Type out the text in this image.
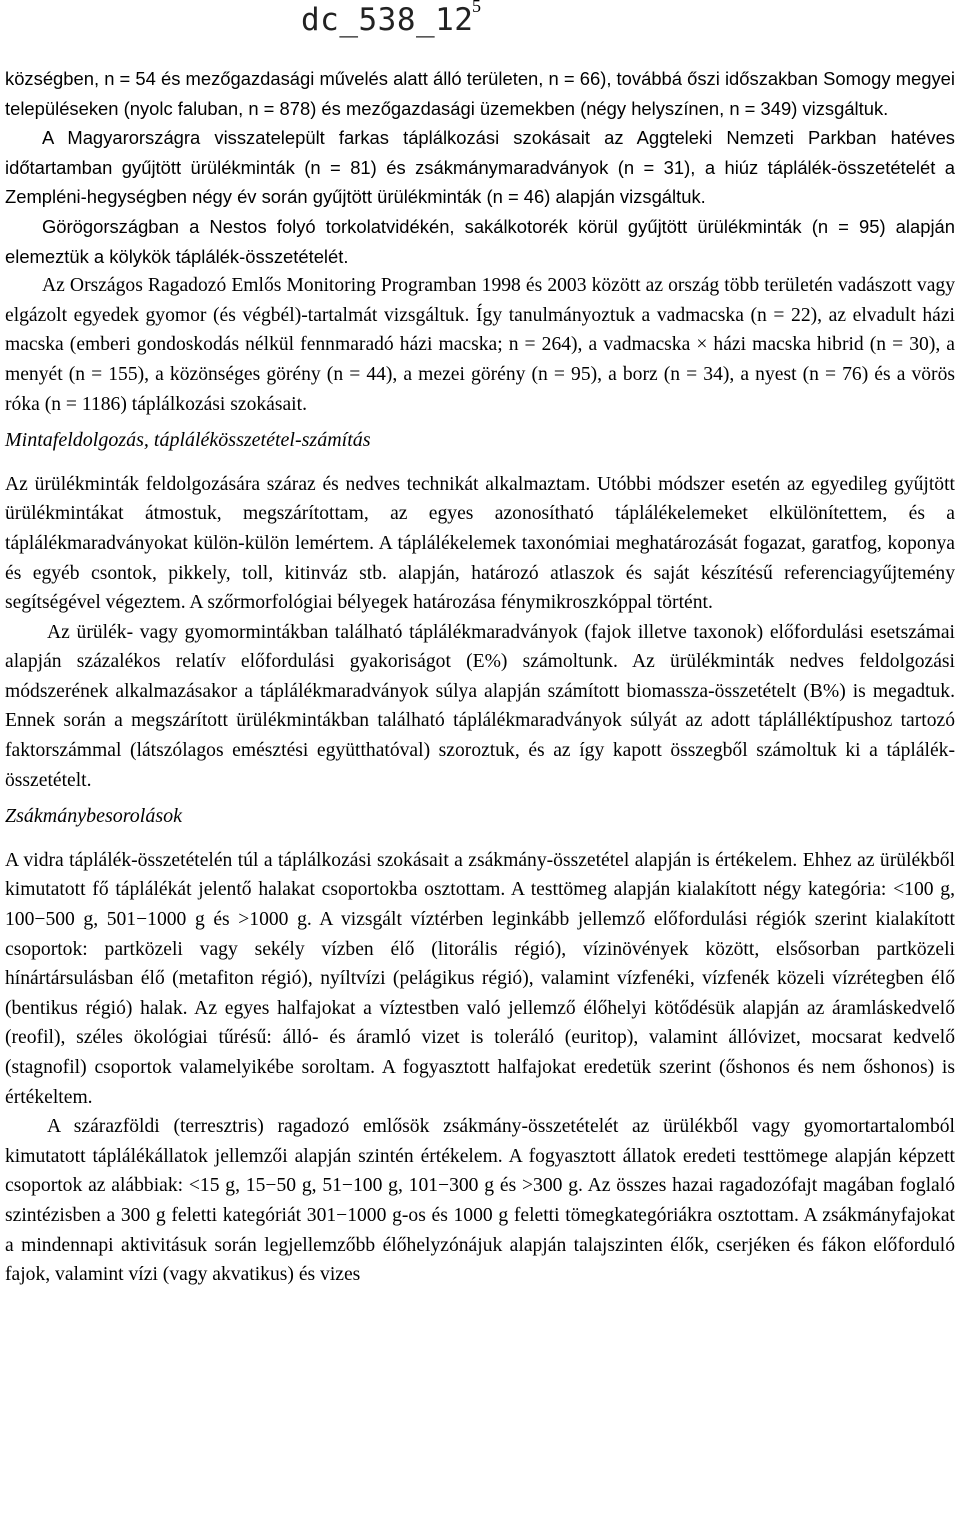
dc_538_12
5

községben, n = 54 és mezőgazdasági művelés alatt álló területen, n = 66), továbbá őszi időszakban Somogy megyei településeken (nyolc faluban, n = 878) és mezőgazdasági üzemekben (négy helyszínen, n = 349) vizsgáltuk.

A Magyarországra visszatelepült farkas táplálkozási szokásait az Aggteleki Nemzeti Parkban hatéves időtartamban gyűjtött ürülékminták (n = 81) és zsákmánymaradványok (n = 31), a hiúz táplálék-összetételét a Zempléni-hegységben négy év során gyűjtött ürülékminták (n = 46) alapján vizsgáltuk.

Görögországban a Nestos folyó torkolatvidékén, sakálkotorék körül gyűjtött ürülékminták (n = 95) alapján elemeztük a kölykök táplálék-összetételét.

Az Országos Ragadozó Emlős Monitoring Programban 1998 és 2003 között az ország több területén vadászott vagy elgázolt egyedek gyomor (és végbél)-tartalmát vizsgáltuk. Így tanulmányoztuk a vadmacska (n = 22), az elvadult házi macska (emberi gondoskodás nélkül fennmaradó házi macska; n = 264), a vadmacska × házi macska hibrid (n = 30), a menyét (n = 155), a közönséges görény (n = 44), a mezei görény (n = 95), a borz (n = 34), a nyest (n = 76) és a vörös róka (n = 1186) táplálkozási szokásait.

Mintafeldolgozás, táplálékösszetétel-számítás

Az ürülékminták feldolgozására száraz és nedves technikát alkalmaztam. Utóbbi módszer esetén az egyedileg gyűjtött ürülékmintákat átmostuk, megszárítottam, az egyes azonosítható táplálékelemeket elkülönítettem, és a táplálékmaradványokat külön-külön lemértem. A táplálékelemek taxonómiai meghatározását fogazat, garatfog, koponya és egyéb csontok, pikkely, toll, kitinváz stb. alapján, határozó atlaszok és saját készítésű referenciagyűjtemény segítségével végeztem. A szőrmorfológiai bélyegek határozása fénymikroszkóppal történt.

Az ürülék- vagy gyomormintákban található táplálékmaradványok (fajok illetve taxonok) előfordulási esetszámai alapján százalékos relatív előfordulási gyakoriságot (E%) számoltunk. Az ürülékminták nedves feldolgozási módszerének alkalmazásakor a táplálékmaradványok súlya alapján számított biomassza-összetételt (B%) is megadtuk. Ennek során a megszárított ürülékmintákban található táplálékmaradványok súlyát az adott táplálléktípushoz tartozó faktorszámmal (látszólagos emésztési együtthatóval) szoroztuk, és az így kapott összegből számoltuk ki a táplálék-összetételt.

Zsákmánybesorolások

A vidra táplálék-összetételén túl a táplálkozási szokásait a zsákmány-összetétel alapján is értékelem. Ehhez az ürülékből kimutatott fő táplálékát jelentő halakat csoportokba osztottam. A testtömeg alapján kialakított négy kategória: <100 g, 100−500 g, 501−1000 g és >1000 g. A vizsgált víztérben leginkább jellemző előfordulási régiók szerint kialakított csoportok: partközeli vagy sekély vízben élő (litorális régió), vízinövények között, elsősorban partközeli hínártársulásban élő (metafiton régió), nyíltvízi (pelágikus régió), valamint vízfenéki, vízfenék közeli vízrétegben élő (bentikus régió) halak. Az egyes halfajokat a víztestben való jellemző élőhelyi kötődésük alapján az áramláskedvelő (reofil), széles ökológiai tűrésű: álló- és áramló vizet is toleráló (euritop), valamint állóvizet, mocsarat kedvelő (stagnofil) csoportok valamelyikébe soroltam. A fogyasztott halfajokat eredetük szerint (őshonos és nem őshonos) is értékeltem.

A szárazföldi (terresztris) ragadozó emlősök zsákmány-összetételét az ürülékből vagy gyomortartalomból kimutatott táplálékállatok jellemzői alapján szintén értékelem. A fogyasztott állatok eredeti testtömege alapján képzett csoportok az alábbiak: <15 g, 15−50 g, 51−100 g, 101−300 g és >300 g. Az összes hazai ragadozófajt magában foglaló szintézisben a 300 g feletti kategóriát 301−1000 g-os és 1000 g feletti tömegkategóriákra osztottam. A zsákmányfajokat a mindennapi aktivitásuk során legjellemzőbb élőhelyzónájuk alapján talajszinten élők, cserjéken és fákon előforduló fajok, valamint vízi (vagy akvatikus) és vizes
